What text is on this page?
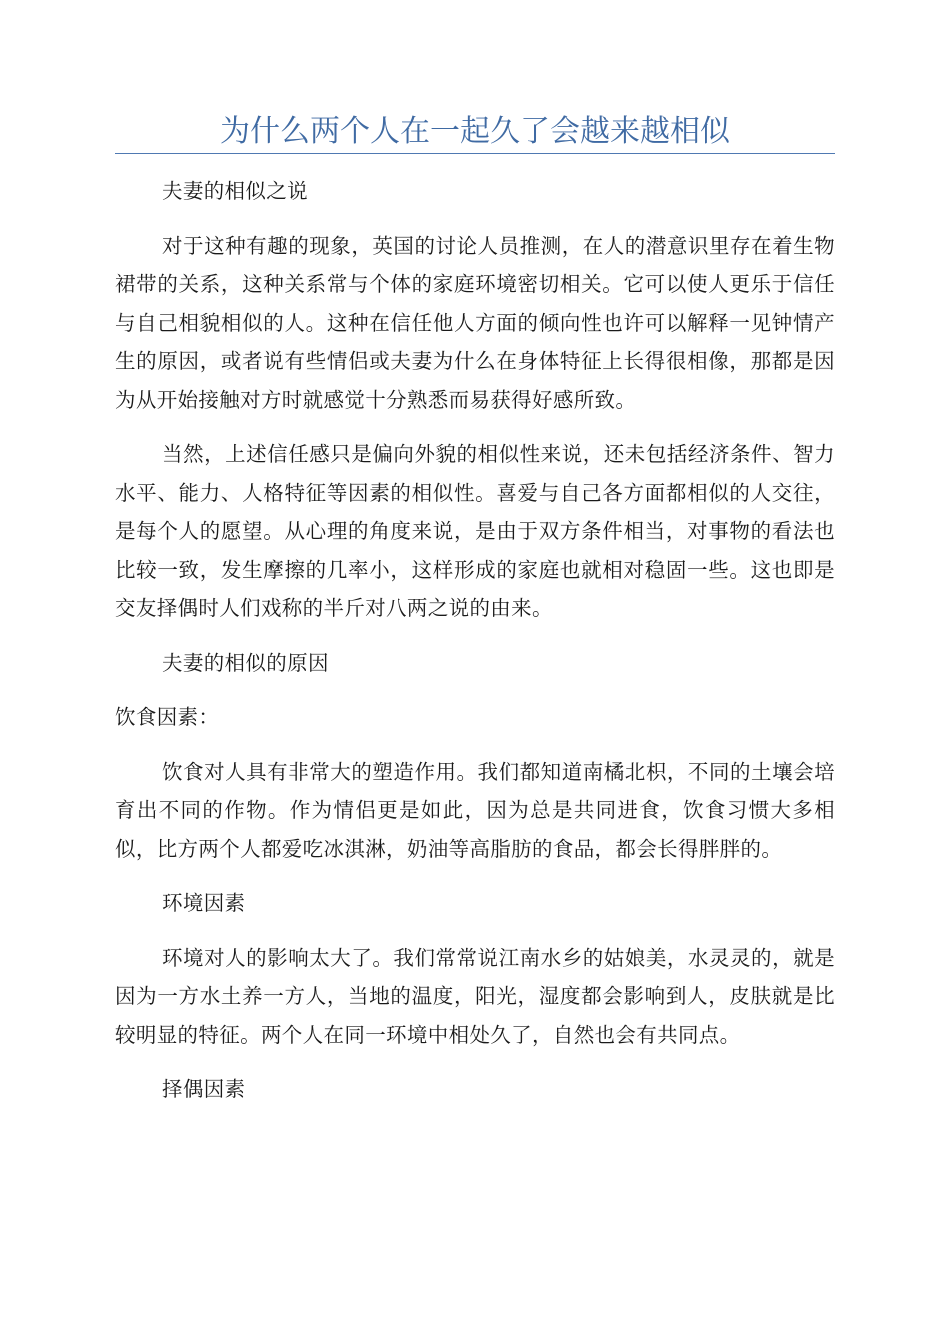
为什么两个人在一起久了会越来越相似

夫妻的相似之说

对于这种有趣的现象，英国的讨论人员推测，在人的潜意识里存在着生物裙带的关系，这种关系常与个体的家庭环境密切相关。它可以使人更乐于信任与自己相貌相似的人。这种在信任他人方面的倾向性也许可以解释一见钟情产生的原因，或者说有些情侣或夫妻为什么在身体特征上长得很相像，那都是因为从开始接触对方时就感觉十分熟悉而易获得好感所致。

当然，上述信任感只是偏向外貌的相似性来说，还未包括经济条件、智力水平、能力、人格特征等因素的相似性。喜爱与自己各方面都相似的人交往，是每个人的愿望。从心理的角度来说，是由于双方条件相当，对事物的看法也比较一致，发生摩擦的几率小，这样形成的家庭也就相对稳固一些。这也即是交友择偶时人们戏称的半斤对八两之说的由来。

夫妻的相似的原因

饮食因素：

饮食对人具有非常大的塑造作用。我们都知道南橘北枳，不同的土壤会培育出不同的作物。作为情侣更是如此，因为总是共同进食，饮食习惯大多相似，比方两个人都爱吃冰淇淋，奶油等高脂肪的食品，都会长得胖胖的。

环境因素

环境对人的影响太大了。我们常常说江南水乡的姑娘美，水灵灵的，就是因为一方水土养一方人，当地的温度，阳光，湿度都会影响到人，皮肤就是比较明显的特征。两个人在同一环境中相处久了，自然也会有共同点。

择偶因素
